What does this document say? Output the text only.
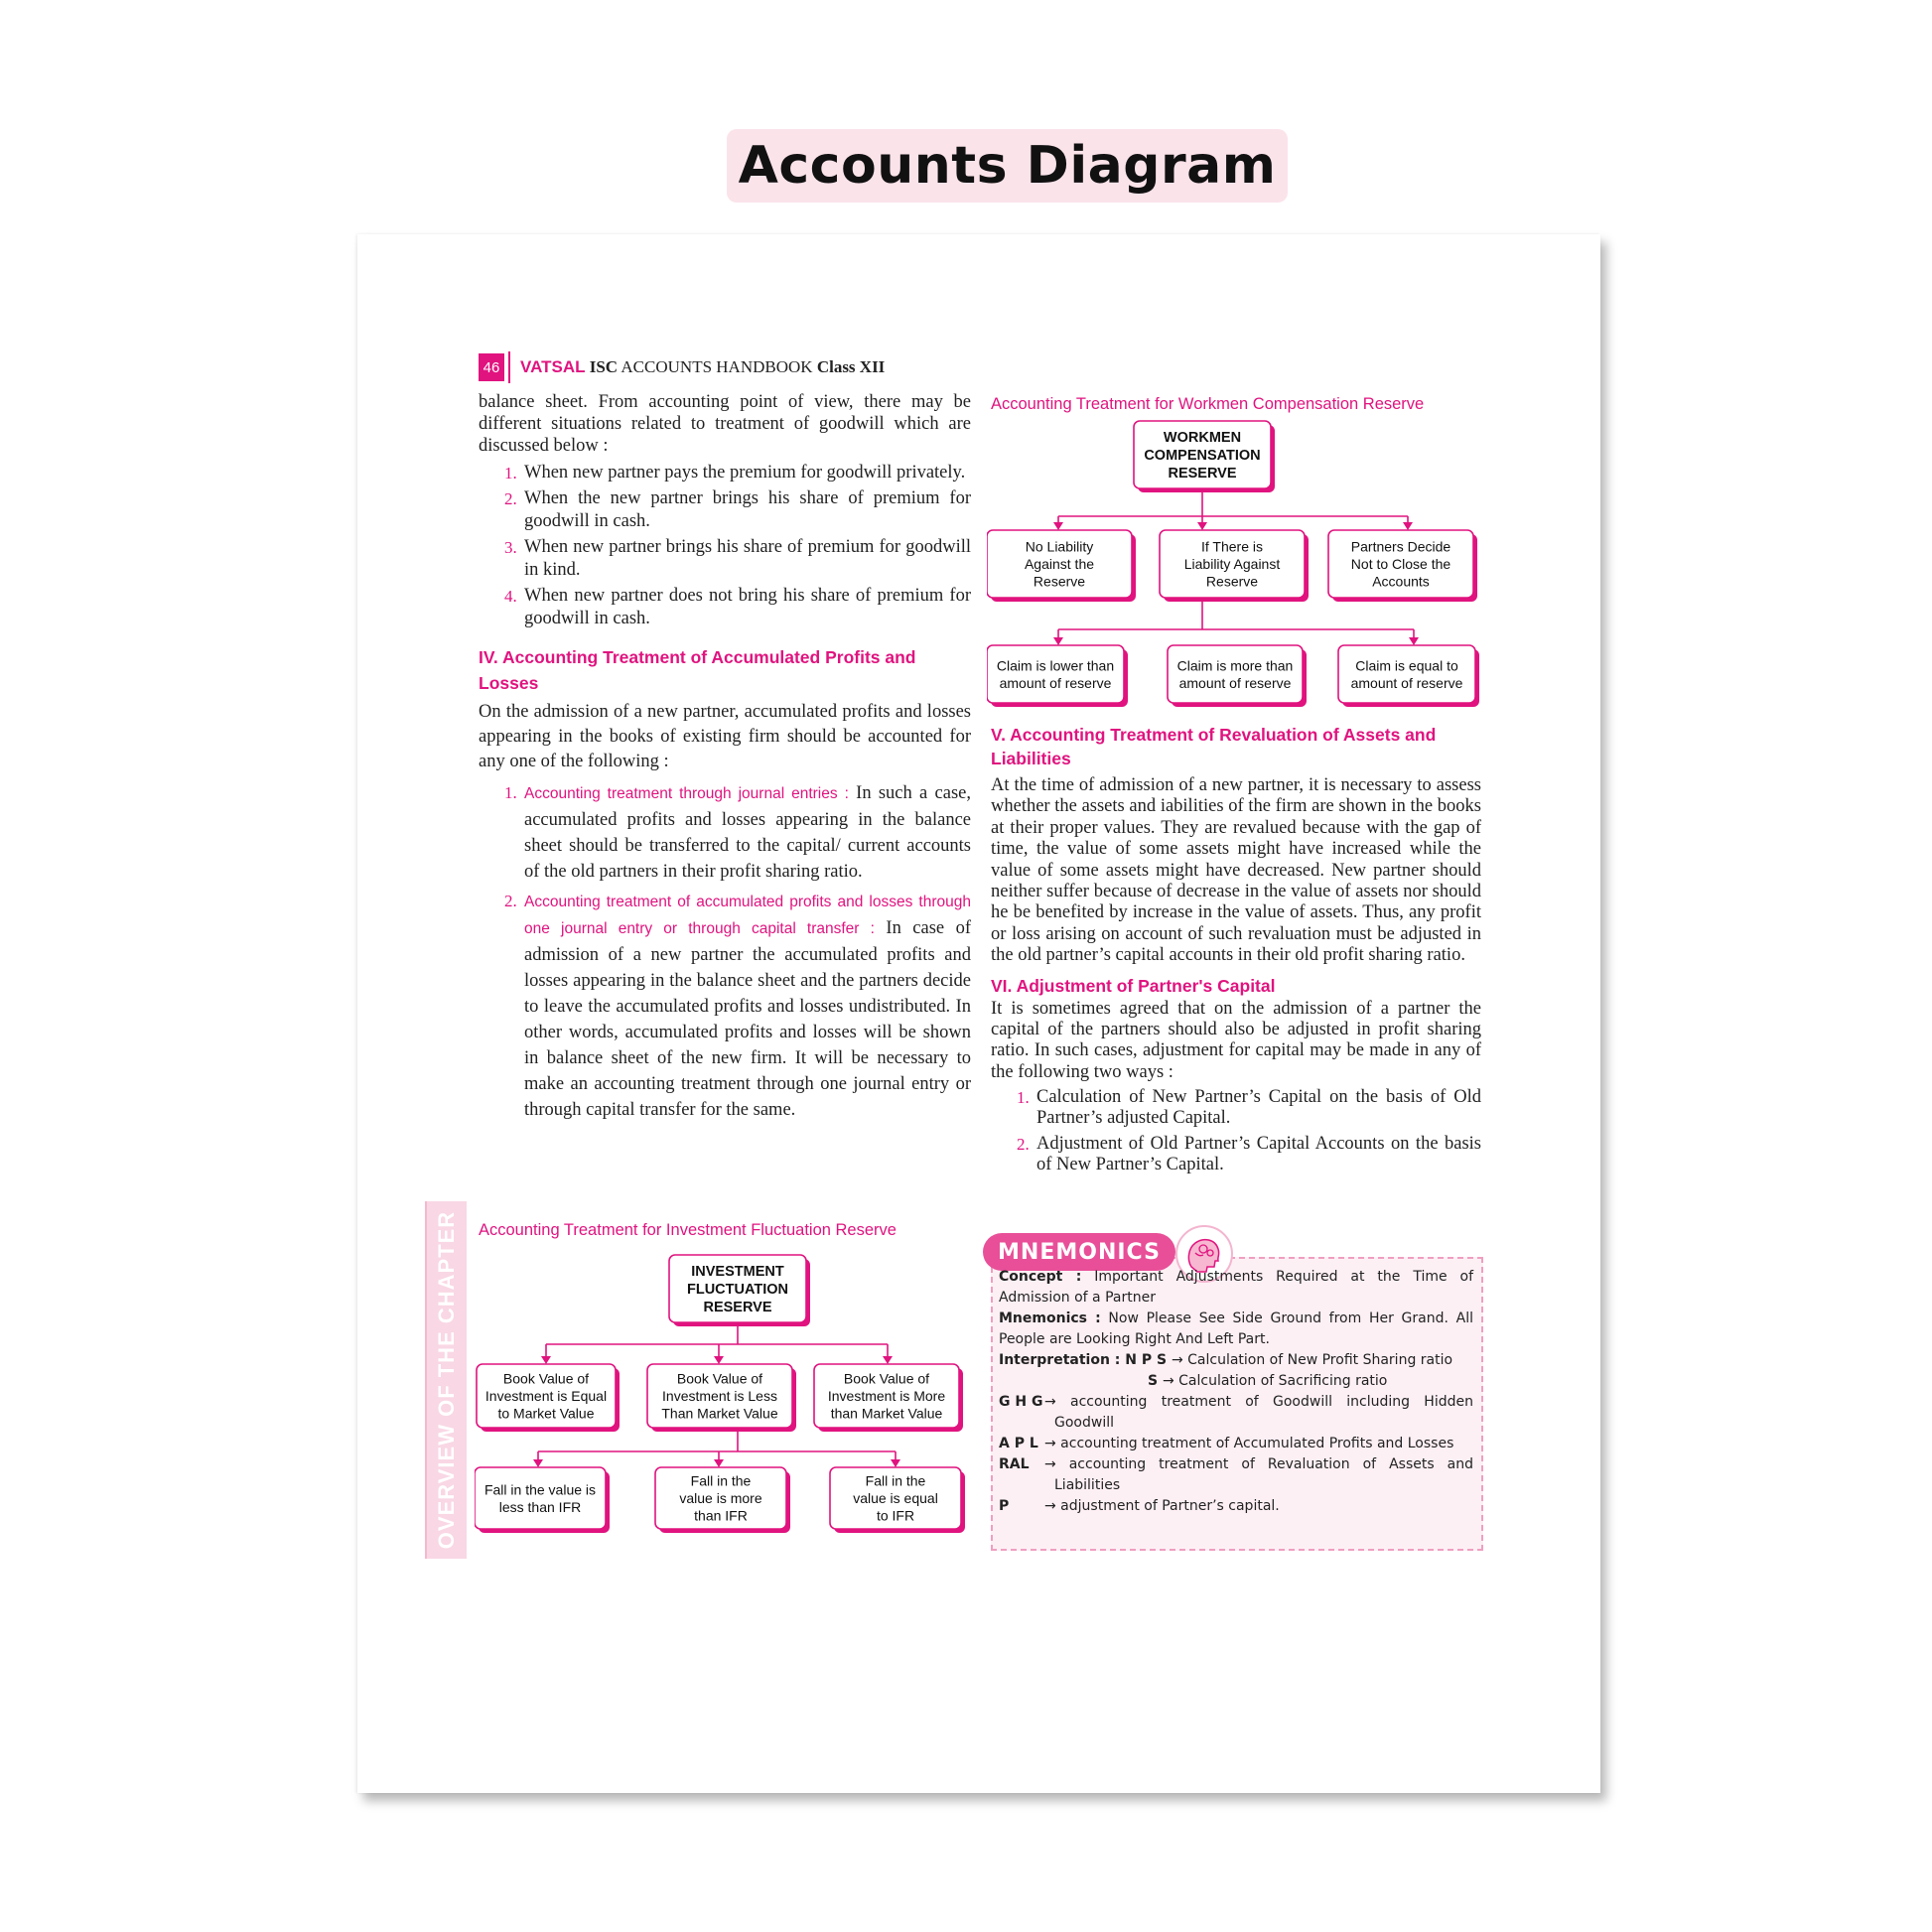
Accounts Diagram
46 VATSAL ISC ACCOUNTS HANDBOOK Class XII

balance sheet. From accounting point of view, there may be different situations related to treatment of goodwill which are discussed below :

1. When new partner pays the premium for goodwill privately.
2. When the new partner brings his share of premium for goodwill in cash.
3. When new partner brings his share of premium for goodwill in kind.
4. When new partner does not bring his share of premium for goodwill in cash.

IV. Accounting Treatment of Accumulated Profits and Losses

On the admission of a new partner, accumulated profits and losses appearing in the books of existing firm should be accounted for any one of the following :

1. Accounting treatment through journal entries : In such a case, accumulated profits and losses appearing in the balance sheet should be transferred to the capital/ current accounts of the old partners in their profit sharing ratio.
2. Accounting treatment of accumulated profits and losses through one journal entry or through capital transfer : In case of admission of a new partner the accumulated profits and losses appearing in the balance sheet and the partners decide to leave the accumulated profits and losses undistributed. In other words, accumulated profits and losses will be shown in balance sheet of the new firm. It will be necessary to make an accounting treatment through one journal entry or through capital transfer for the same.
Accounting Treatment for Investment Fluctuation Reserve
OVERVIEW OF THE CHAPTER	INVESTMENT
FLUCTUATION
RESERVE
Book Value of
Investment is Equal
to Market Value
Book Value of
Investment is Less
Than Market Value
Book Value of
Investment is More
than Market Value
Fall in the value is
less than IFR
Fall in the
value is more
than IFR
Fall in the
value is equal
to IFR
Accounting Treatment for Workmen Compensation Reserve
WORKMEN
COMPENSATION
RESERVE
No Liability
Against the
Reserve
If There is
Liability Against
Reserve
Partners Decide
Not to Close the
Accounts
Claim is lower than
amount of reserve
Claim is more than
amount of reserve
Claim is equal to
amount of reserve

V. Accounting Treatment of Revaluation of Assets and Liabilities

At the time of admission of a new partner, it is necessary to assess whether the assets and iabilities of the firm are shown in the books at their proper values. They are revalued because with the gap of time, the value of some assets might have increased while the value of some assets might have decreased. New partner should neither suffer because of decrease in the value of assets nor should he be benefited by increase in the value of assets. Thus, any profit or loss arising on account of such revaluation must be adjusted in the old partner’s capital accounts in their old profit sharing ratio.

VI. Adjustment of Partner's Capital

It is sometimes agreed that on the admission of a partner the capital of the partners should also be adjusted in profit sharing ratio. In such cases, adjustment for capital may be made in any of the following two ways :

1. Calculation of New Partner’s Capital on the basis of Old Partner’s adjusted Capital.
2. Adjustment of Old Partner’s Capital Accounts on the basis of New Partner’s Capital.
MNEMONICS

Concept : Important Adjustments Required at the Time of Admission of a Partner

Mnemonics : Now Please See Side Ground from Her Grand. All People are Looking Right And Left Part.

Interpretation : N P S → Calculation of New Profit Sharing ratio
S → Calculation of Sacrificing ratio
G H G→ accounting treatment of Goodwill including Hidden Goodwill
A P L→ accounting treatment of Accumulated Profits and Losses
RAL→ accounting treatment of Revaluation of Assets and Liabilities
P	→ adjustment of Partner’s capital.
